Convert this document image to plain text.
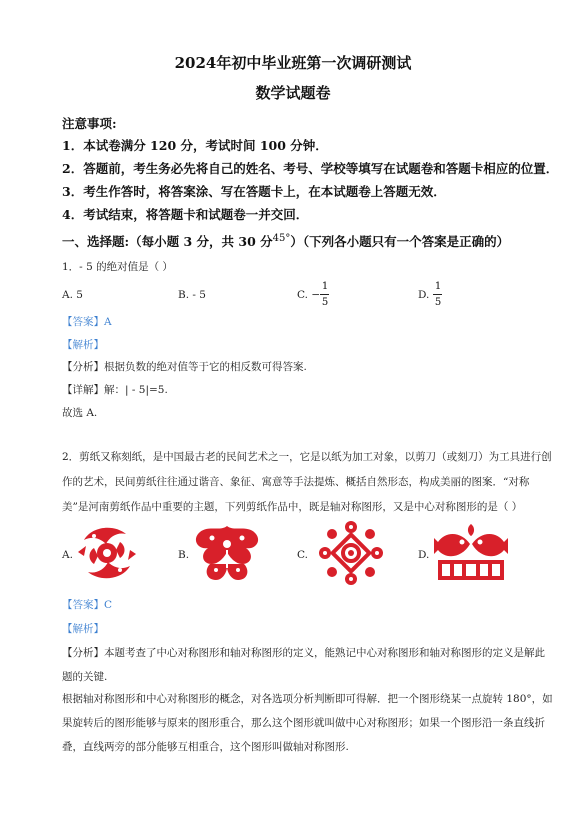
2024年初中毕业班第一次调研测试
数学试题卷
注意事项:
1．本试卷满分 120 分，考试时间 100 分钟．
2．答题前，考生务必先将自己的姓名、考号、学校等填写在试题卷和答题卡相应的位置．
3．考生作答时，将答案涂、写在答题卡上，在本试题卷上答题无效．
4．考试结束，将答题卡和试题卷一并交回．
一、选择题:（每小题 3 分，共 30 分$^{45^\circ}$）（下列各小题只有一个答案是正确的）
1．- 5 的绝对值是（ ）
A. 5	B. - 5	C. −
1
5
D.
1
5
【答案】A
【解析】
【分析】根据负数的绝对值等于它的相反数可得答案.
【详解】解：| - 5|=5.
故选 A.
2．剪纸又称刻纸，是中国最古老的民间艺术之一，它是以纸为加工对象，以剪刀（或刻刀）为工具进行创
作的艺术，民间剪纸往往通过谐音、象征、寓意等手法提炼、概括自然形态，构成美丽的图案．“对称
美”是河南剪纸作品中重要的主题，下列剪纸作品中，既是轴对称图形，又是中心对称图形的是（ ）
A.	B.	C.	D.
【答案】C
【解析】
【分析】本题考查了中心对称图形和轴对称图形的定义，能熟记中心对称图形和轴对称图形的定义是解此
题的关键.
根据轴对称图形和中心对称图形的概念，对各选项分析判断即可得解．把一个图形绕某一点旋转 180°，如
果旋转后的图形能够与原来的图形重合，那么这个图形就叫做中心对称图形；如果一个图形沿一条直线折
叠，直线两旁的部分能够互相重合，这个图形叫做轴对称图形.
